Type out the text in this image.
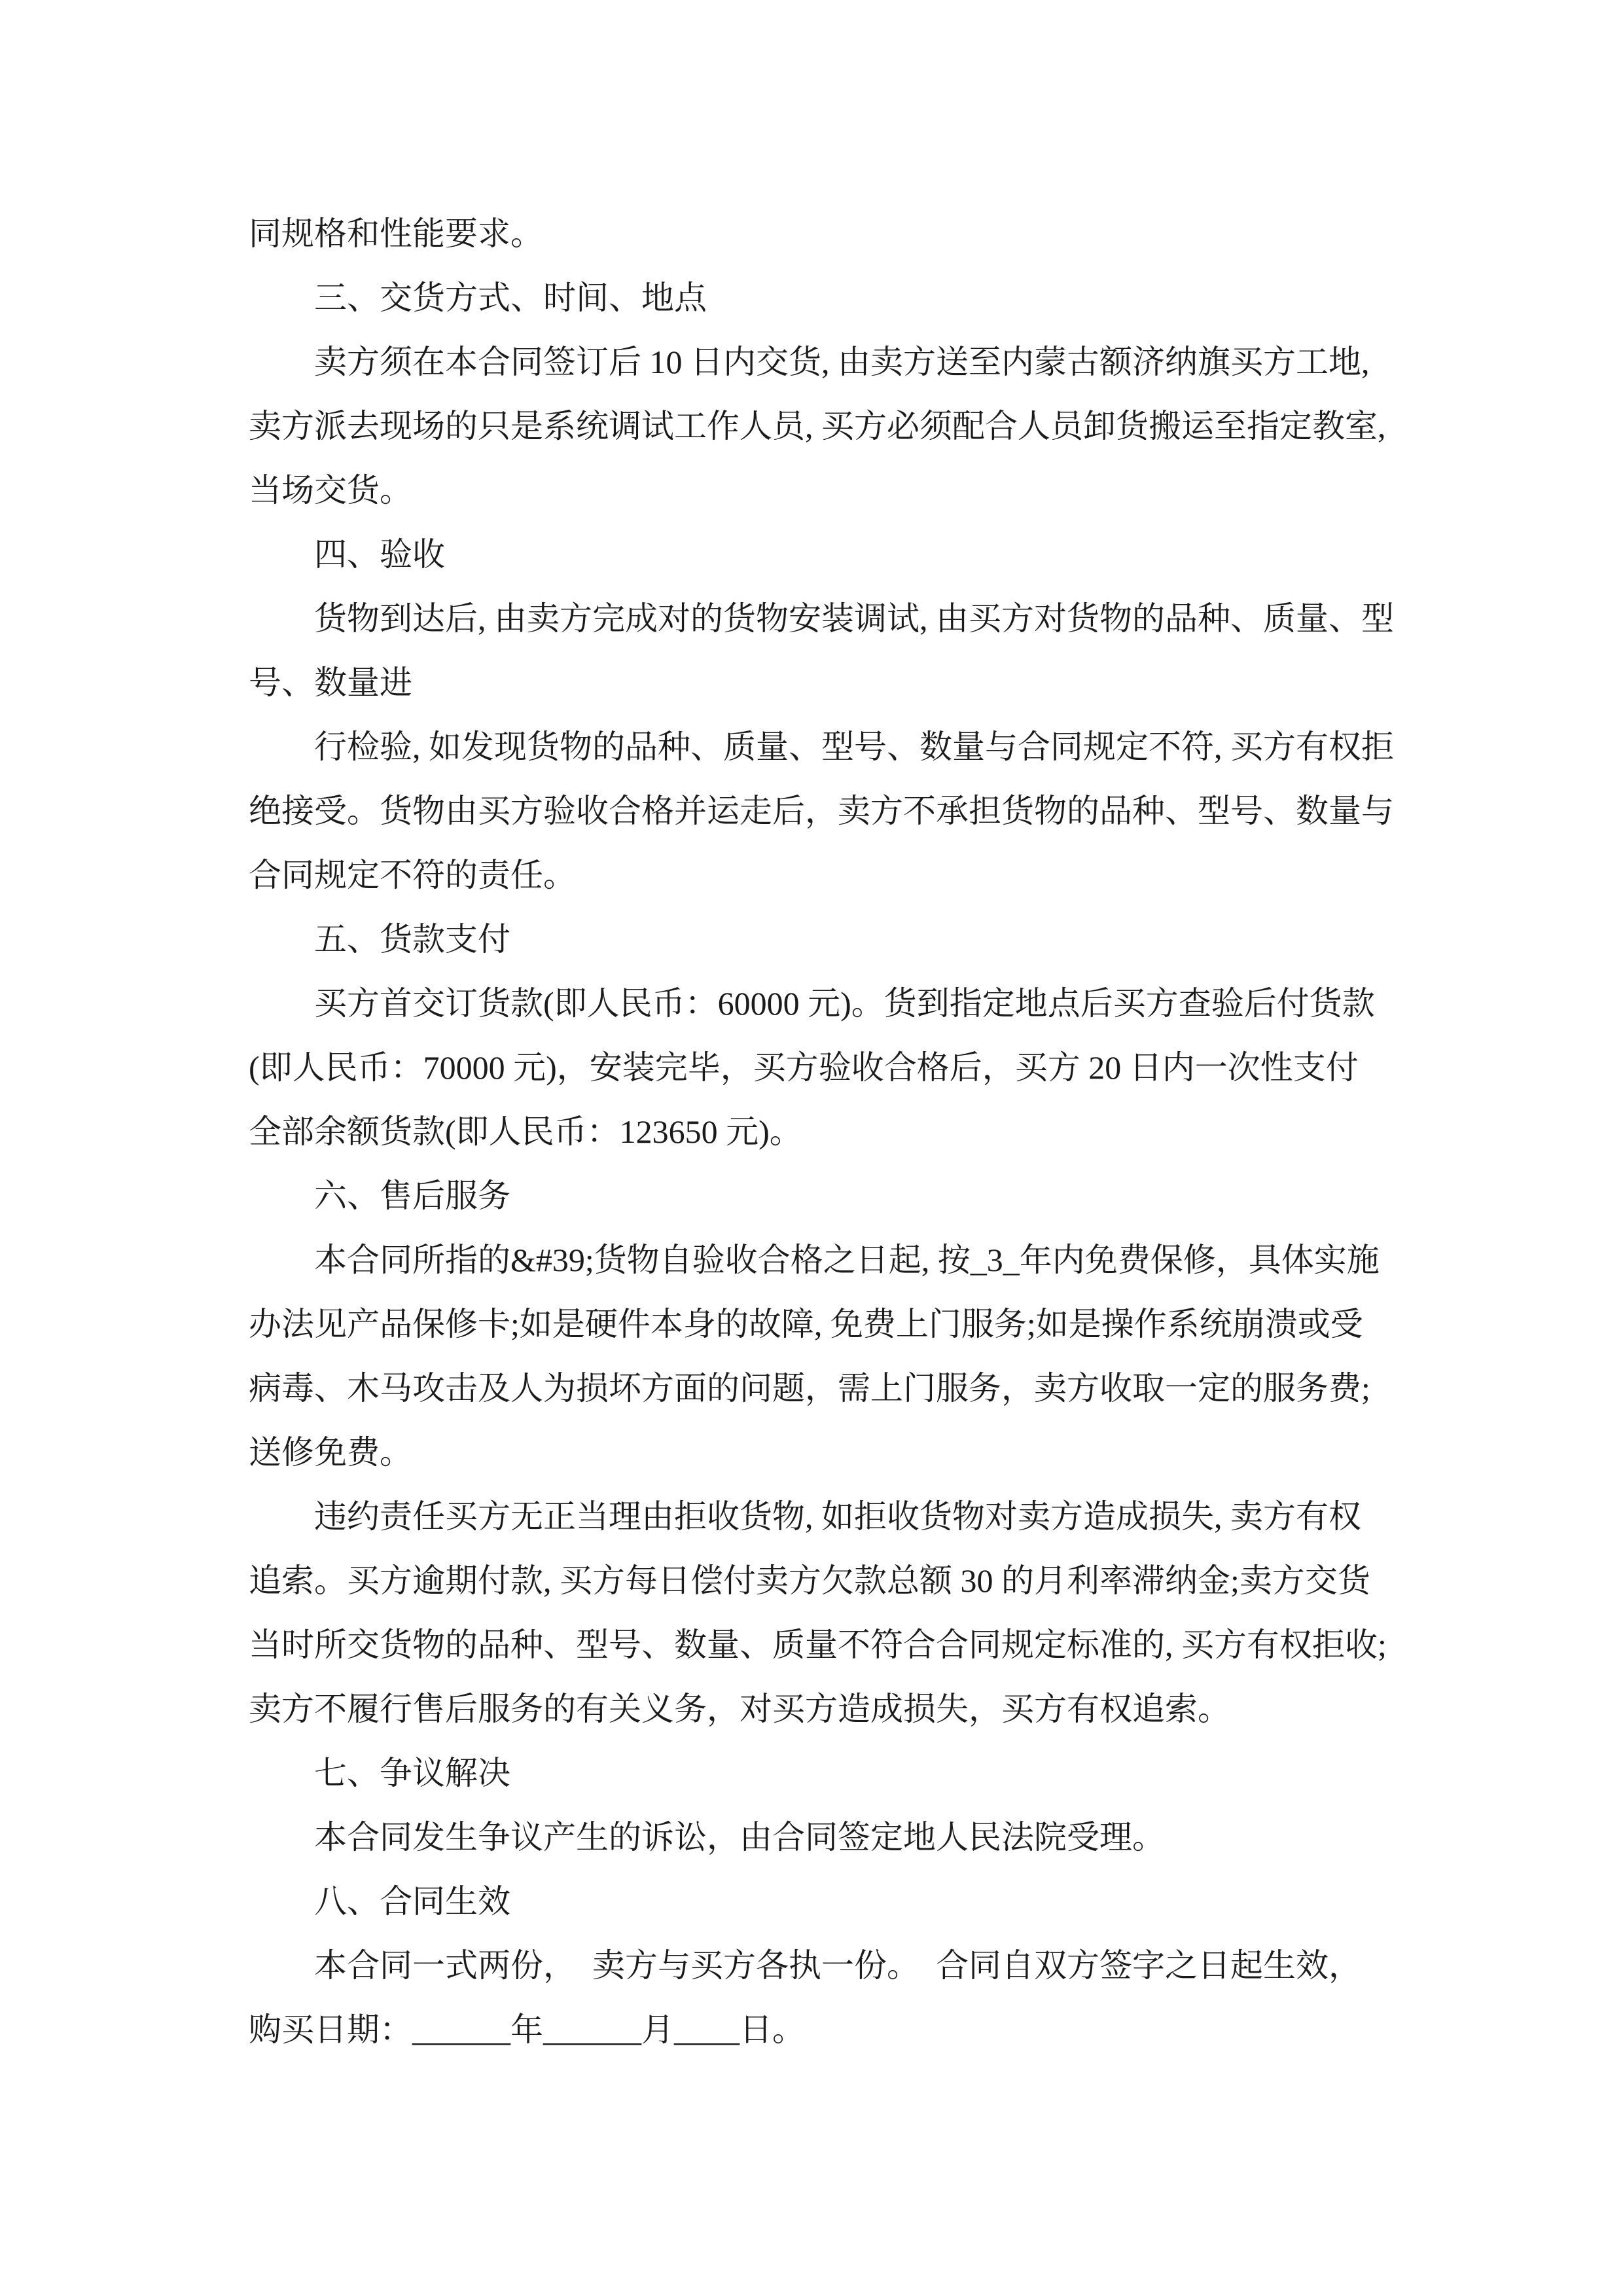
同规格和性能要求。
三、交货方式、时间、地点
卖方须在本合同签订后 10 日内交货, 由卖方送至内蒙古额济纳旗买方工地,
卖方派去现场的只是系统调试工作人员, 买方必须配合人员卸货搬运至指定教室,
当场交货。
四、验收
货物到达后, 由卖方完成对的货物安装调试, 由买方对货物的品种、质量、型
号、数量进
行检验, 如发现货物的品种、质量、型号、数量与合同规定不符, 买方有权拒
绝接受。货物由买方验收合格并运走后，卖方不承担货物的品种、型号、数量与
合同规定不符的责任。
五、货款支付
买方首交订货款(即人民币：60000 元)。货到指定地点后买方查验后付货款
(即人民币：70000 元)，安装完毕，买方验收合格后，买方 20 日内一次性支付
全部余额货款(即人民币：123650 元)。
六、售后服务
本合同所指的&#39;货物自验收合格之日起, 按_3_年内免费保修，具体实施
办法见产品保修卡;如是硬件本身的故障, 免费上门服务;如是操作系统崩溃或受
病毒、木马攻击及人为损坏方面的问题，需上门服务，卖方收取一定的服务费;
送修免费。
违约责任买方无正当理由拒收货物, 如拒收货物对卖方造成损失, 卖方有权
追索。买方逾期付款, 买方每日偿付卖方欠款总额 30 的月利率滞纳金;卖方交货
当时所交货物的品种、型号、数量、质量不符合合同规定标准的, 买方有权拒收;
卖方不履行售后服务的有关义务，对买方造成损失，买方有权追索。
七、争议解决
本合同发生争议产生的诉讼，由合同签定地人民法院受理。
八、合同生效
本合同一式两份，　卖方与买方各执一份。　合同自双方签字之日起生效，
购买日期：______年______月____日。
